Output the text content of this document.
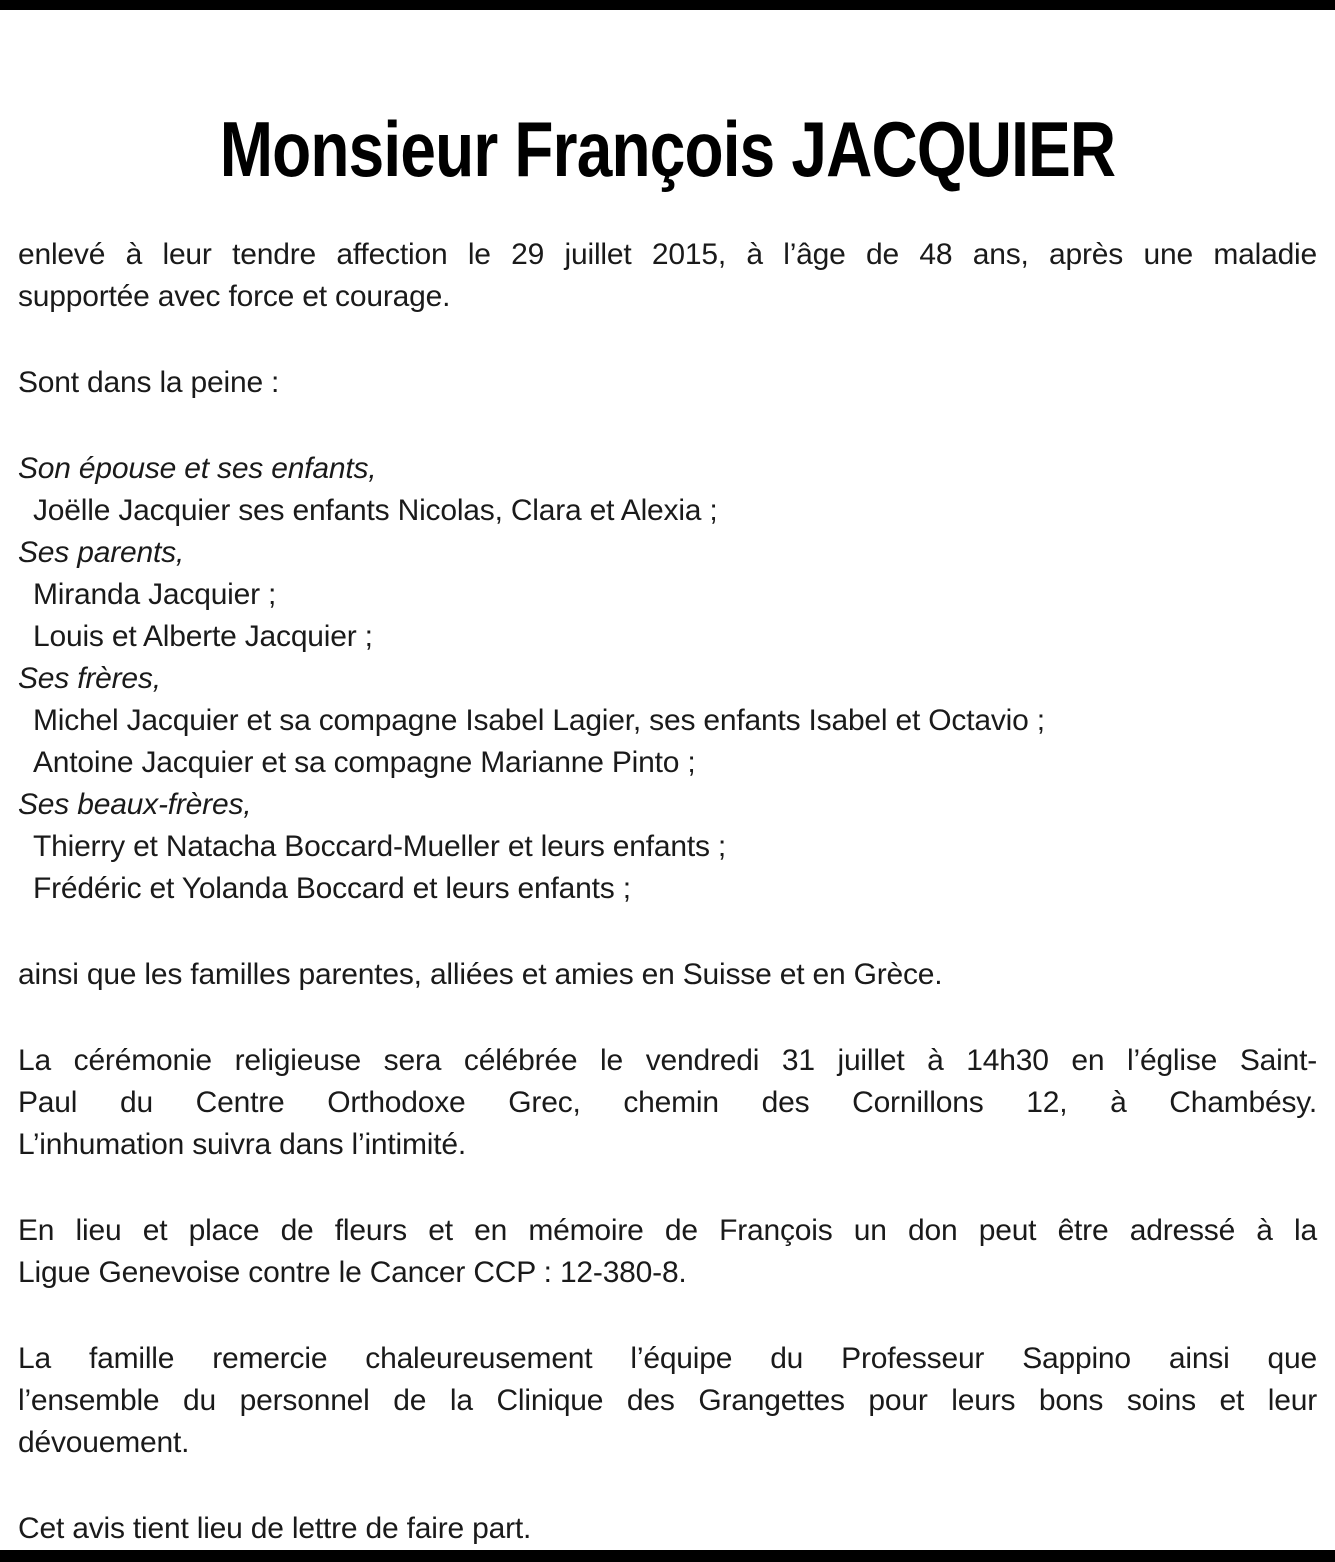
Monsieur François JACQUIER
enlevé à leur tendre affection le 29 juillet 2015, à l’âge de 48 ans, après une maladie
supportée avec force et courage.
Sont dans la peine :
Son épouse et ses enfants,
Joëlle Jacquier ses enfants Nicolas, Clara et Alexia ;
Ses parents,
Miranda Jacquier ;
Louis et Alberte Jacquier ;
Ses frères,
Michel Jacquier et sa compagne Isabel Lagier, ses enfants Isabel et Octavio ;
Antoine Jacquier et sa compagne Marianne Pinto ;
Ses beaux-frères,
Thierry et Natacha Boccard-Mueller et leurs enfants ;
Frédéric et Yolanda Boccard et leurs enfants ;
ainsi que les familles parentes, alliées et amies en Suisse et en Grèce.
La cérémonie religieuse sera célébrée le vendredi 31 juillet à 14h30 en l’église Saint-
Paul du Centre Orthodoxe Grec, chemin des Cornillons 12, à Chambésy.
L’inhumation suivra dans l’intimité.
En lieu et place de fleurs et en mémoire de François un don peut être adressé à la
Ligue Genevoise contre le Cancer CCP : 12-380-8.
La famille remercie chaleureusement l’équipe du Professeur Sappino ainsi que
l’ensemble du personnel de la Clinique des Grangettes pour leurs bons soins et leur
dévouement.
Cet avis tient lieu de lettre de faire part.
